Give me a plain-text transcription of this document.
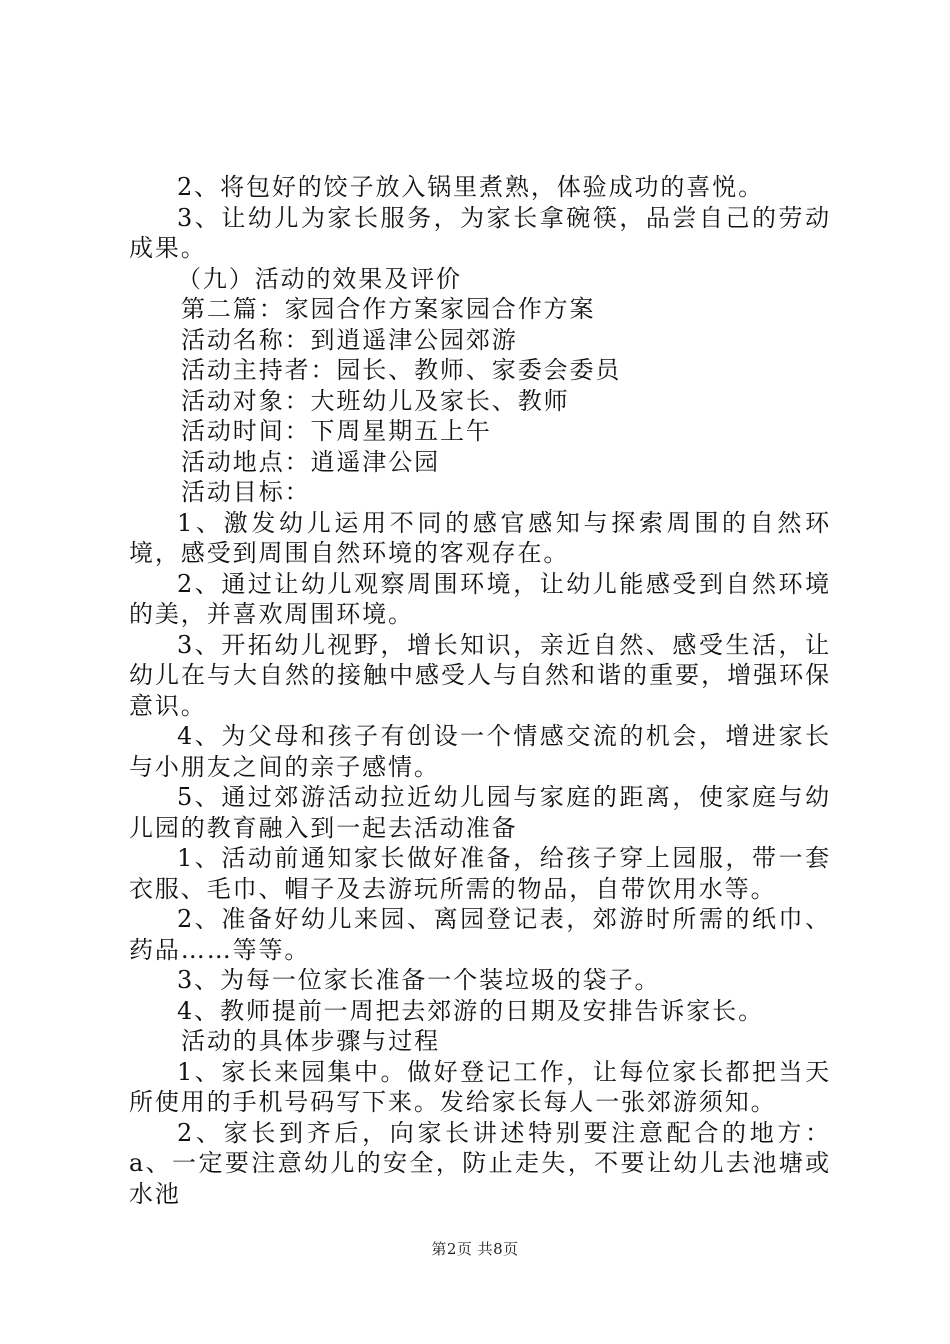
2、将包好的饺子放入锅里煮熟，体验成功的喜悦。

3、让幼儿为家长服务，为家长拿碗筷，品尝自己的劳动成果。

（九）活动的效果及评价

第二篇：家园合作方案家园合作方案

活动名称：到逍遥津公园郊游

活动主持者：园长、教师、家委会委员

活动对象：大班幼儿及家长、教师

活动时间：下周星期五上午

活动地点：逍遥津公园

活动目标：

1、激发幼儿运用不同的感官感知与探索周围的自然环境，感受到周围自然环境的客观存在。

2、通过让幼儿观察周围环境，让幼儿能感受到自然环境的美，并喜欢周围环境。

3、开拓幼儿视野，增长知识，亲近自然、感受生活，让幼儿在与大自然的接触中感受人与自然和谐的重要，增强环保意识。

4、为父母和孩子有创设一个情感交流的机会，增进家长与小朋友之间的亲子感情。

5、通过郊游活动拉近幼儿园与家庭的距离，使家庭与幼儿园的教育融入到一起去活动准备

1、活动前通知家长做好准备，给孩子穿上园服，带一套衣服、毛巾、帽子及去游玩所需的物品，自带饮用水等。

2、准备好幼儿来园、离园登记表，郊游时所需的纸巾、药品……等等。

3、为每一位家长准备一个装垃圾的袋子。

4、教师提前一周把去郊游的日期及安排告诉家长。

活动的具体步骤与过程

1、家长来园集中。做好登记工作，让每位家长都把当天所使用的手机号码写下来。发给家长每人一张郊游须知。

2、家长到齐后，向家长讲述特别要注意配合的地方：a、一定要注意幼儿的安全，防止走失，不要让幼儿去池塘或水池

第2页 共8页
